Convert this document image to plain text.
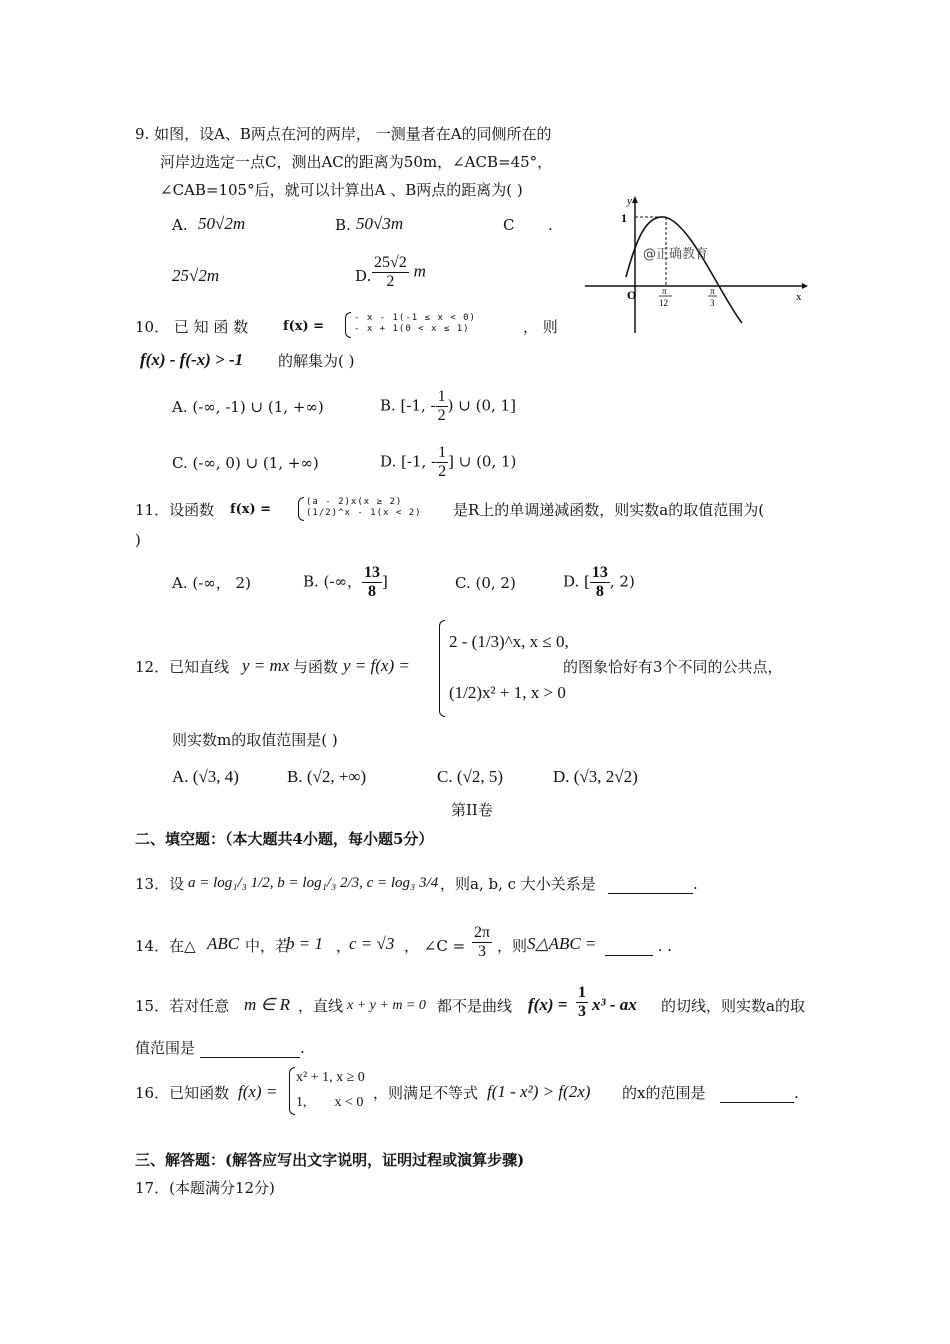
9. 如图，设A、B两点在河的两岸， 一测量者在A的同侧所在的
河岸边选定一点C，测出AC的距离为50m，∠ACB=45°，
∠CAB=105°后，就可以计算出A 、B两点的距离为( )
A. 50√2m	B. 50√3m	C .
25√2m	D. $\frac{25√2}{2}$ m
@正确教育
y
x
1
O	π
12
π
3
10． 已 知 函 数	f(x) =
- x - 1(-1 ≤ x < 0)
- x + 1(0 < x ≤ 1)	， 则
f(x) - f(-x) > -1 的解集为( )
A. (-∞, -1) ∪ (1, +∞)	B. [-1, - $\frac{1}{2}$ ) ∪ (0, 1]
C. (-∞, 0) ∪ (1, +∞)	D. [-1, - $\frac{1}{2}$ ] ∪ (0, 1)
11．设函数 f(x) =	(a - 2)x(x ≥ 2)
(1/2)^x - 1(x < 2) 是R上的单调递减函数，则实数a的取值范围为(
)
A. (-∞， 2)	B. (-∞， $\frac{13}{8}$ ]	C. (0, 2)	D. [ $\frac{13}{8}$ , 2)
12．已知直线 y = mx 与函数 y = f(x) =
2 - (1/3)^x, x ≤ 0,
(1/2)x² + 1, x > 0
的图象恰好有3个不同的公共点，
则实数m的取值范围是( )
A. (√3, 4)	B. (√2, +∞)	C. (√2, 5)	D. (√3, 2√2)
第II卷
二、填空题：（本大题共4小题，每小题5分）
13．设 a = log₁/₃ 1/2, b = log₁/₃ 2/3, c = log₃ 3/4 ，则a, b, c 大小关系是	.
14．在△ ABC 中，若
b = 1 ，
c = √3 ， ∠C = $\frac{2\pi}{3}$ ，则 S△ABC =	. .
15．若对任意 m ∈ R ，直线 x + y + m = 0 都不是曲线 $f(x) = \frac{1}{3} x^3$ - ax 的切线，则实数a的取
值范围是	.
16．已知函数 f(x) =
x² + 1, x ≥ 0
1,        x < 0
，则满足不等式 f(1 - x²) > f(2x) 的x的范围是	.
三、解答题：(解答应写出文字说明，证明过程或演算步骤)
17．(本题满分12分)
